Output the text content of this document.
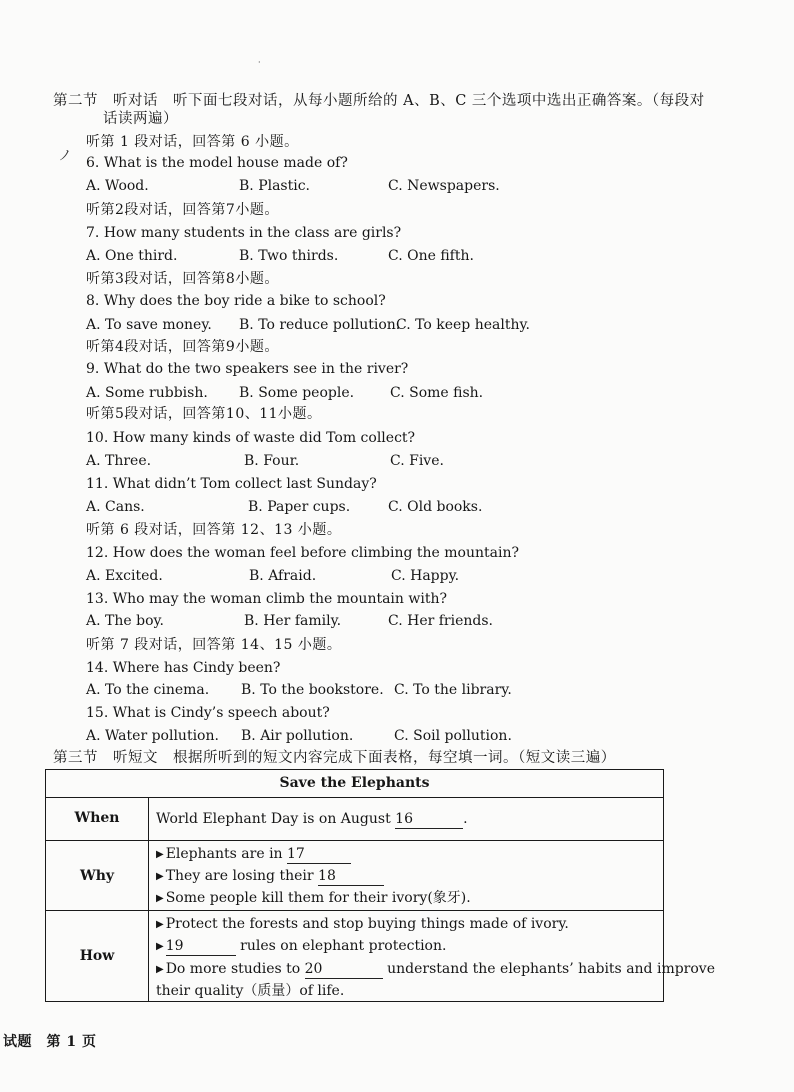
第二节　听对话　听下面七段对话，从每小题所给的 A、B、C 三个选项中选出正确答案。（每段对
话读两遍）
听第 1 段对话，回答第 6 小题。
听第2段对话，回答第7小题。
听第3段对话，回答第8小题。
听第4段对话，回答第9小题。
听第5段对话，回答第10、11小题。
听第 6 段对话，回答第 12、13 小题。
听第 7 段对话，回答第 14、15 小题。
6. What is the model house made of?
A. Wood.	B. Plastic.	C. Newspapers.
7. How many students in the class are girls?
A. One third.	B. Two thirds.	C. One fifth.
8. Why does the boy ride a bike to school?
A. To save money. B. To reduce pollution.
C. To keep healthy.
9. What do the two speakers see in the river?
A. Some rubbish. B. Some people.	C. Some fish.
10. How many kinds of waste did Tom collect?
A. Three.	B. Four.	C. Five.
11. What didn’t Tom collect last Sunday?
A. Cans.	B. Paper cups.	C. Old books.
12. How does the woman feel before climbing the mountain?
A. Excited.	B. Afraid.	C. Happy.
13. Who may the woman climb the mountain with?
A. The boy.	B. Her family.	C. Her friends.
14. Where has Cindy been?
A. To the cinema. B. To the bookstore. C. To the library.
15. What is Cindy’s speech about?
A. Water pollution. B. Air pollution.	C. Soil pollution.
第三节　听短文　根据所听到的短文内容完成下面表格，每空填一词。（短文读三遍）
Save the Elephants
When	World Elephant Day is on August 16	.
Why
▶ Elephants are in 17
▶ They are losing their 18
▶ Some people kill them for their ivory(象牙).
How
▶ Protect the forests and stop buying things made of ivory.
▶ 19	rules on elephant protection.
▶ Do more studies to 20	understand the elephants’ habits and improve
their quality（质量）of life.
ノ
·
试题　第 1 页
